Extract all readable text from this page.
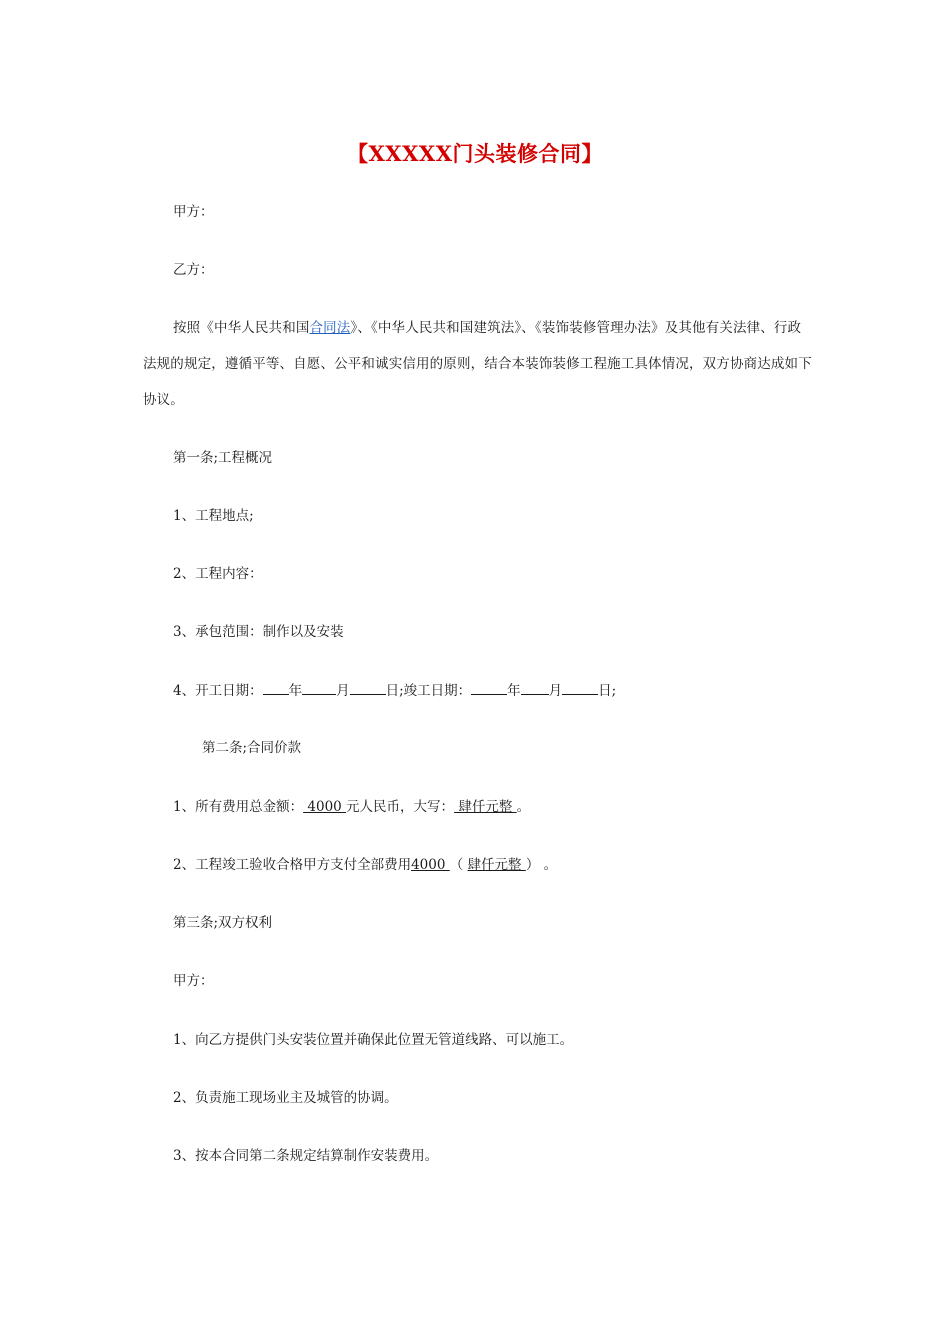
【XXXXX门头装修合同】
甲方：
乙方：
按照《中华人民共和国合同法》、《中华人民共和国建筑法》、《装饰装修管理办法》及其他有关法律、行政法规的规定，遵循平等、自愿、公平和诚实信用的原则，结合本装饰装修工程施工具体情况，双方协商达成如下协议。
第一条;工程概况
1、工程地点;
2、工程内容：
3、承包范围：制作以及安装
4、开工日期： 年	月	日;竣工日期：	年 月	日;
第二条;合同价款
1、所有费用总金额： 4000 元人民币，大写： 肆仟元整 。
2、工程竣工验收合格甲方支付全部费用4000 （ 肆仟元整 ） 。
第三条;双方权利
甲方：
1、向乙方提供门头安装位置并确保此位置无管道线路、可以施工。
2、负责施工现场业主及城管的协调。
3、按本合同第二条规定结算制作安装费用。
